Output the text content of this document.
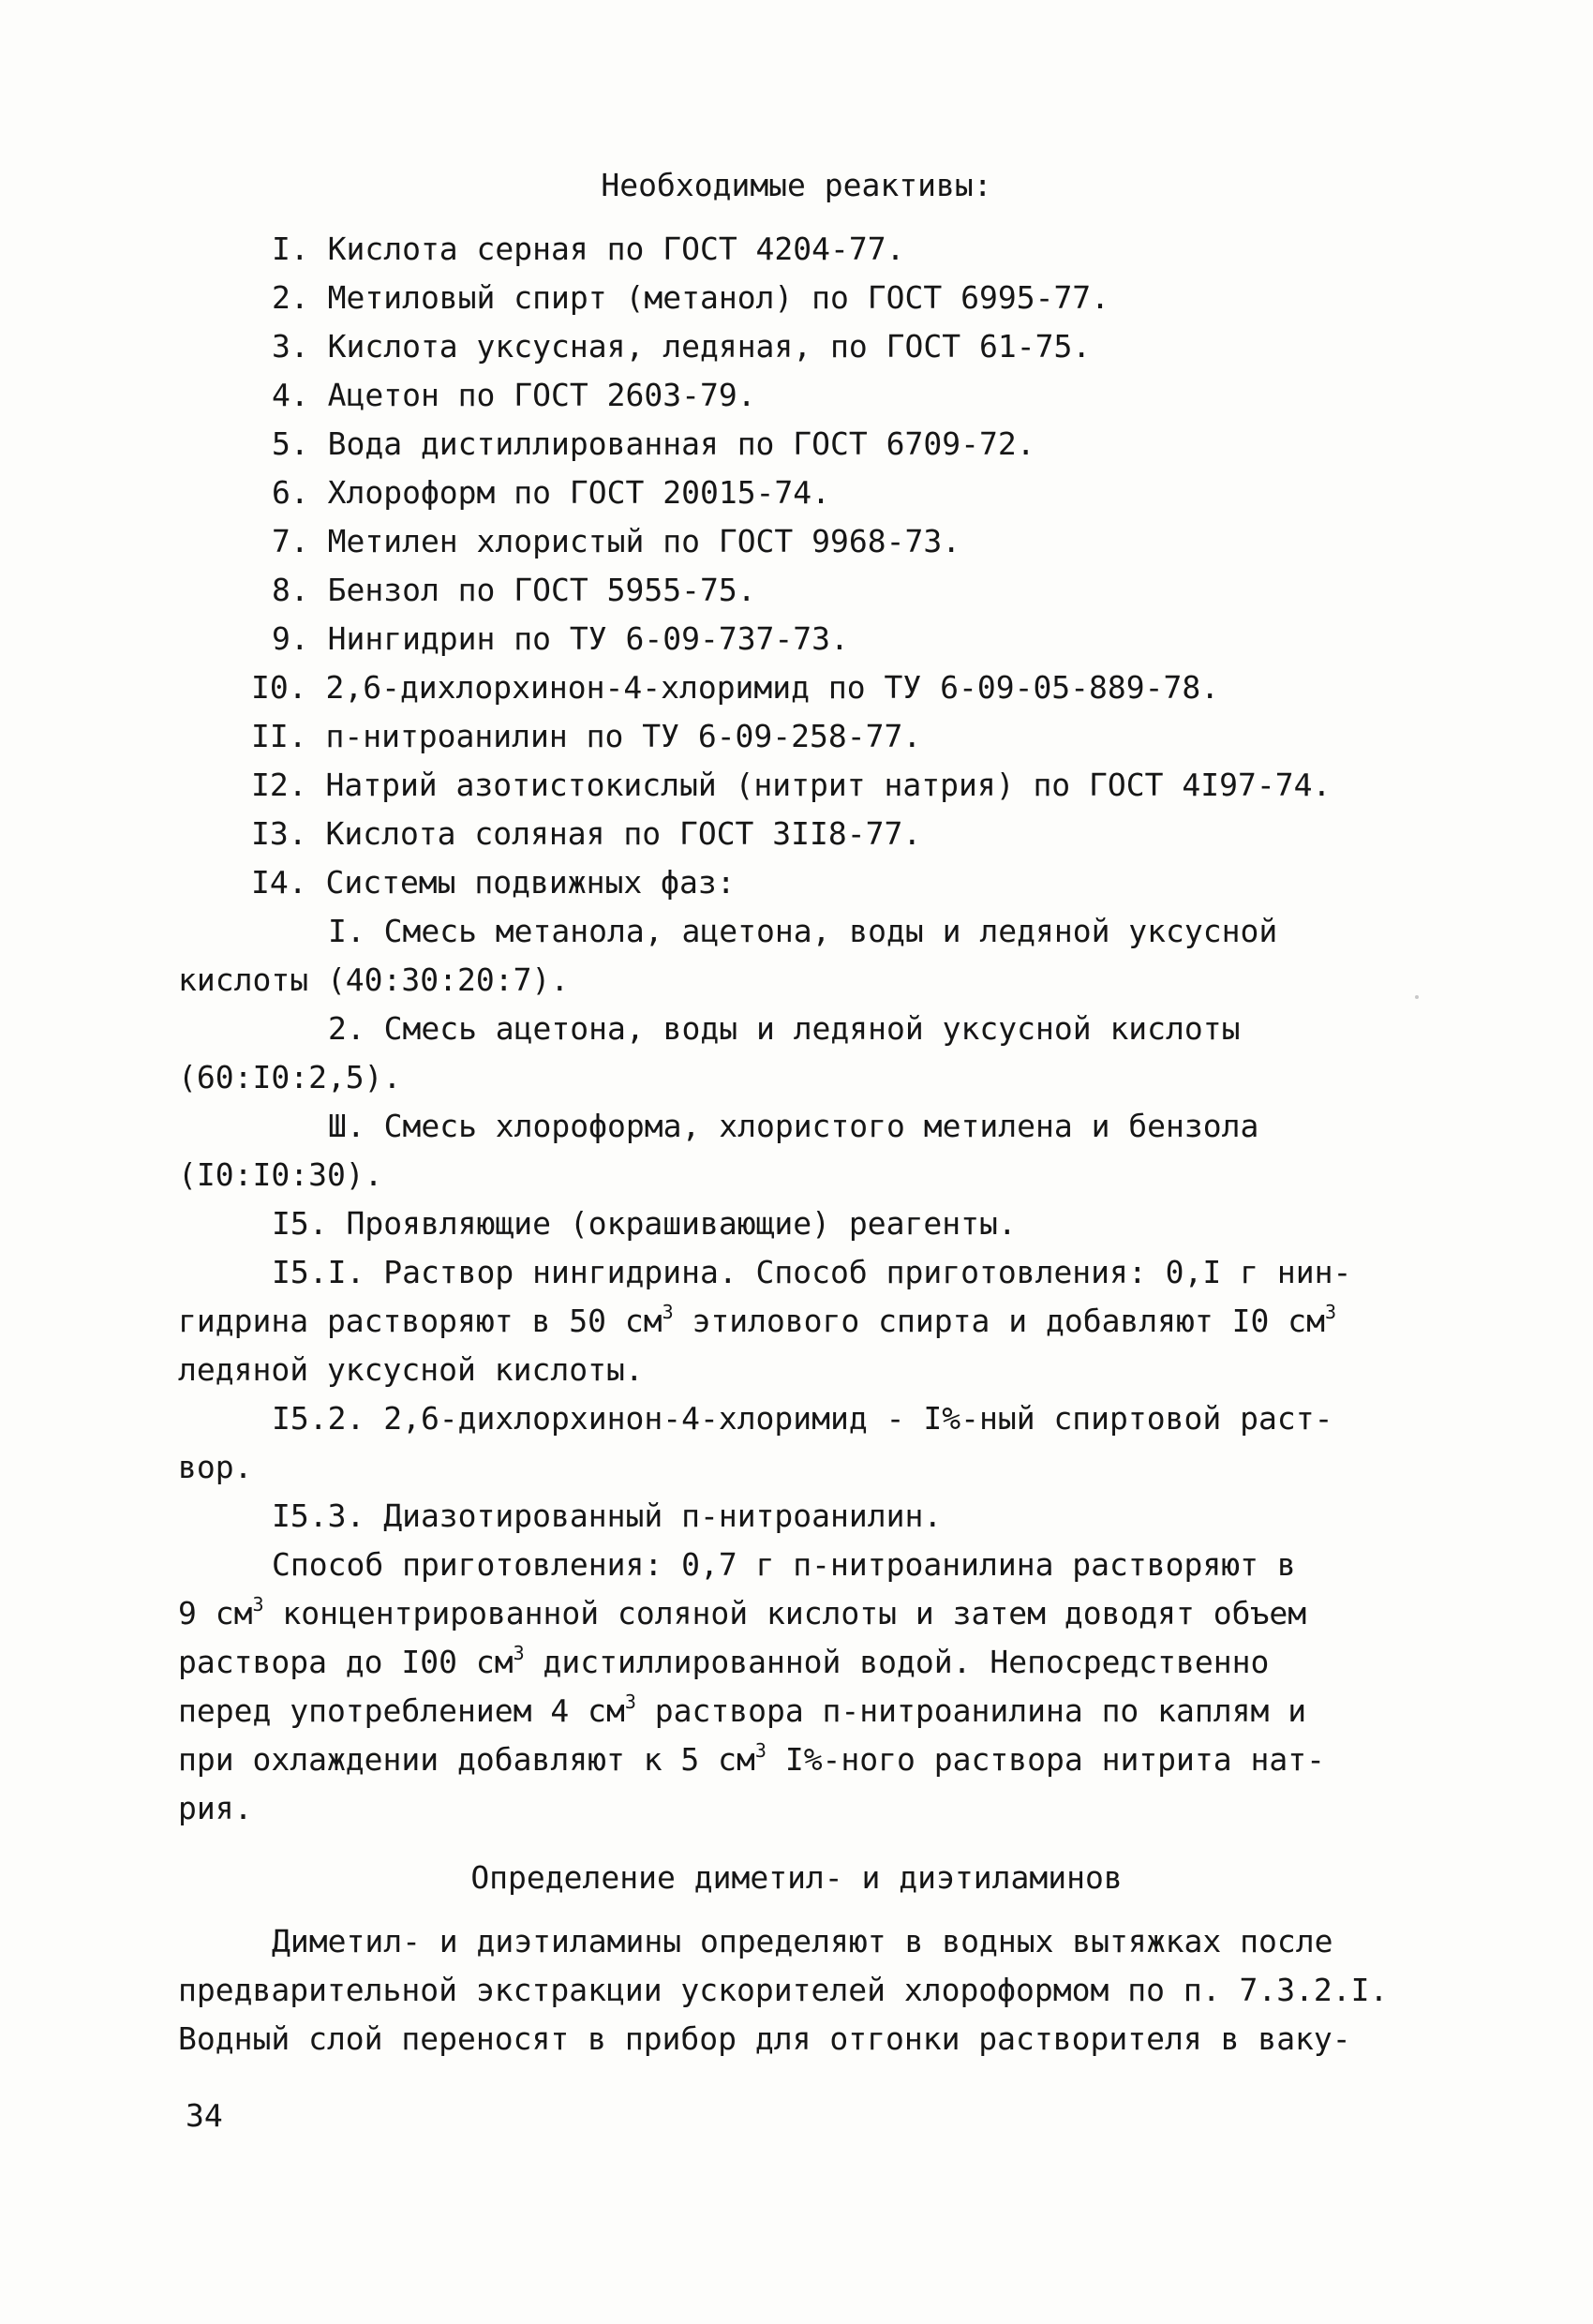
Необходимые реактивы:
I. Кислота серная по ГОСТ 4204-77.
2. Метиловый спирт (метанол) по ГОСТ 6995-77.
3. Кислота уксусная, ледяная, по ГОСТ 61-75.
4. Ацетон по ГОСТ 2603-79.
5. Вода дистиллированная по ГОСТ 6709-72.
6. Хлороформ по ГОСТ 20015-74.
7. Метилен хлористый по ГОСТ 9968-73.
8. Бензол по ГОСТ 5955-75.
9. Нингидрин по ТУ 6-09-737-73.
I0. 2,6-дихлорхинон-4-хлоримид по ТУ 6-09-05-889-78.
II. п-нитроанилин по ТУ 6-09-258-77.
I2. Натрий азотистокислый (нитрит натрия) по ГОСТ 4I97-74.
I3. Кислота соляная по ГОСТ 3II8-77.
I4. Системы подвижных фаз:
I. Смесь метанола, ацетона, воды и ледяной уксусной
кислоты (40:30:20:7).
2. Смесь ацетона, воды и ледяной уксусной кислоты
(60:I0:2,5).
Ш. Смесь хлороформа, хлористого метилена и бензола
(I0:I0:30).
I5. Проявляющие (окрашивающие) реагенты.
I5.I. Раствор нингидрина. Способ приготовления: 0,I г нин-
гидрина растворяют в 50 $см^3$ этилового спирта и добавляют I0 $см^3$
ледяной уксусной кислоты.
I5.2. 2,6-дихлорхинон-4-хлоримид - I%-ный спиртовой раст-
вор.
I5.3. Диазотированный п-нитроанилин.
Способ приготовления: 0,7 г п-нитроанилина растворяют в
9 $см^3$ концентрированной соляной кислоты и затем доводят объем
раствора до I00 $см^3$ дистиллированной водой. Непосредственно
перед употреблением 4 $см^3$ раствора п-нитроанилина по каплям и
при охлаждении добавляют к 5 $см^3$ I%-ного раствора нитрита нат-
рия.
Определение диметил- и диэтиламинов
Диметил- и диэтиламины определяют в водных вытяжках после
предварительной экстракции ускорителей хлороформом по п. 7.3.2.I.
Водный слой переносят в прибор для отгонки растворителя в ваку-
34
